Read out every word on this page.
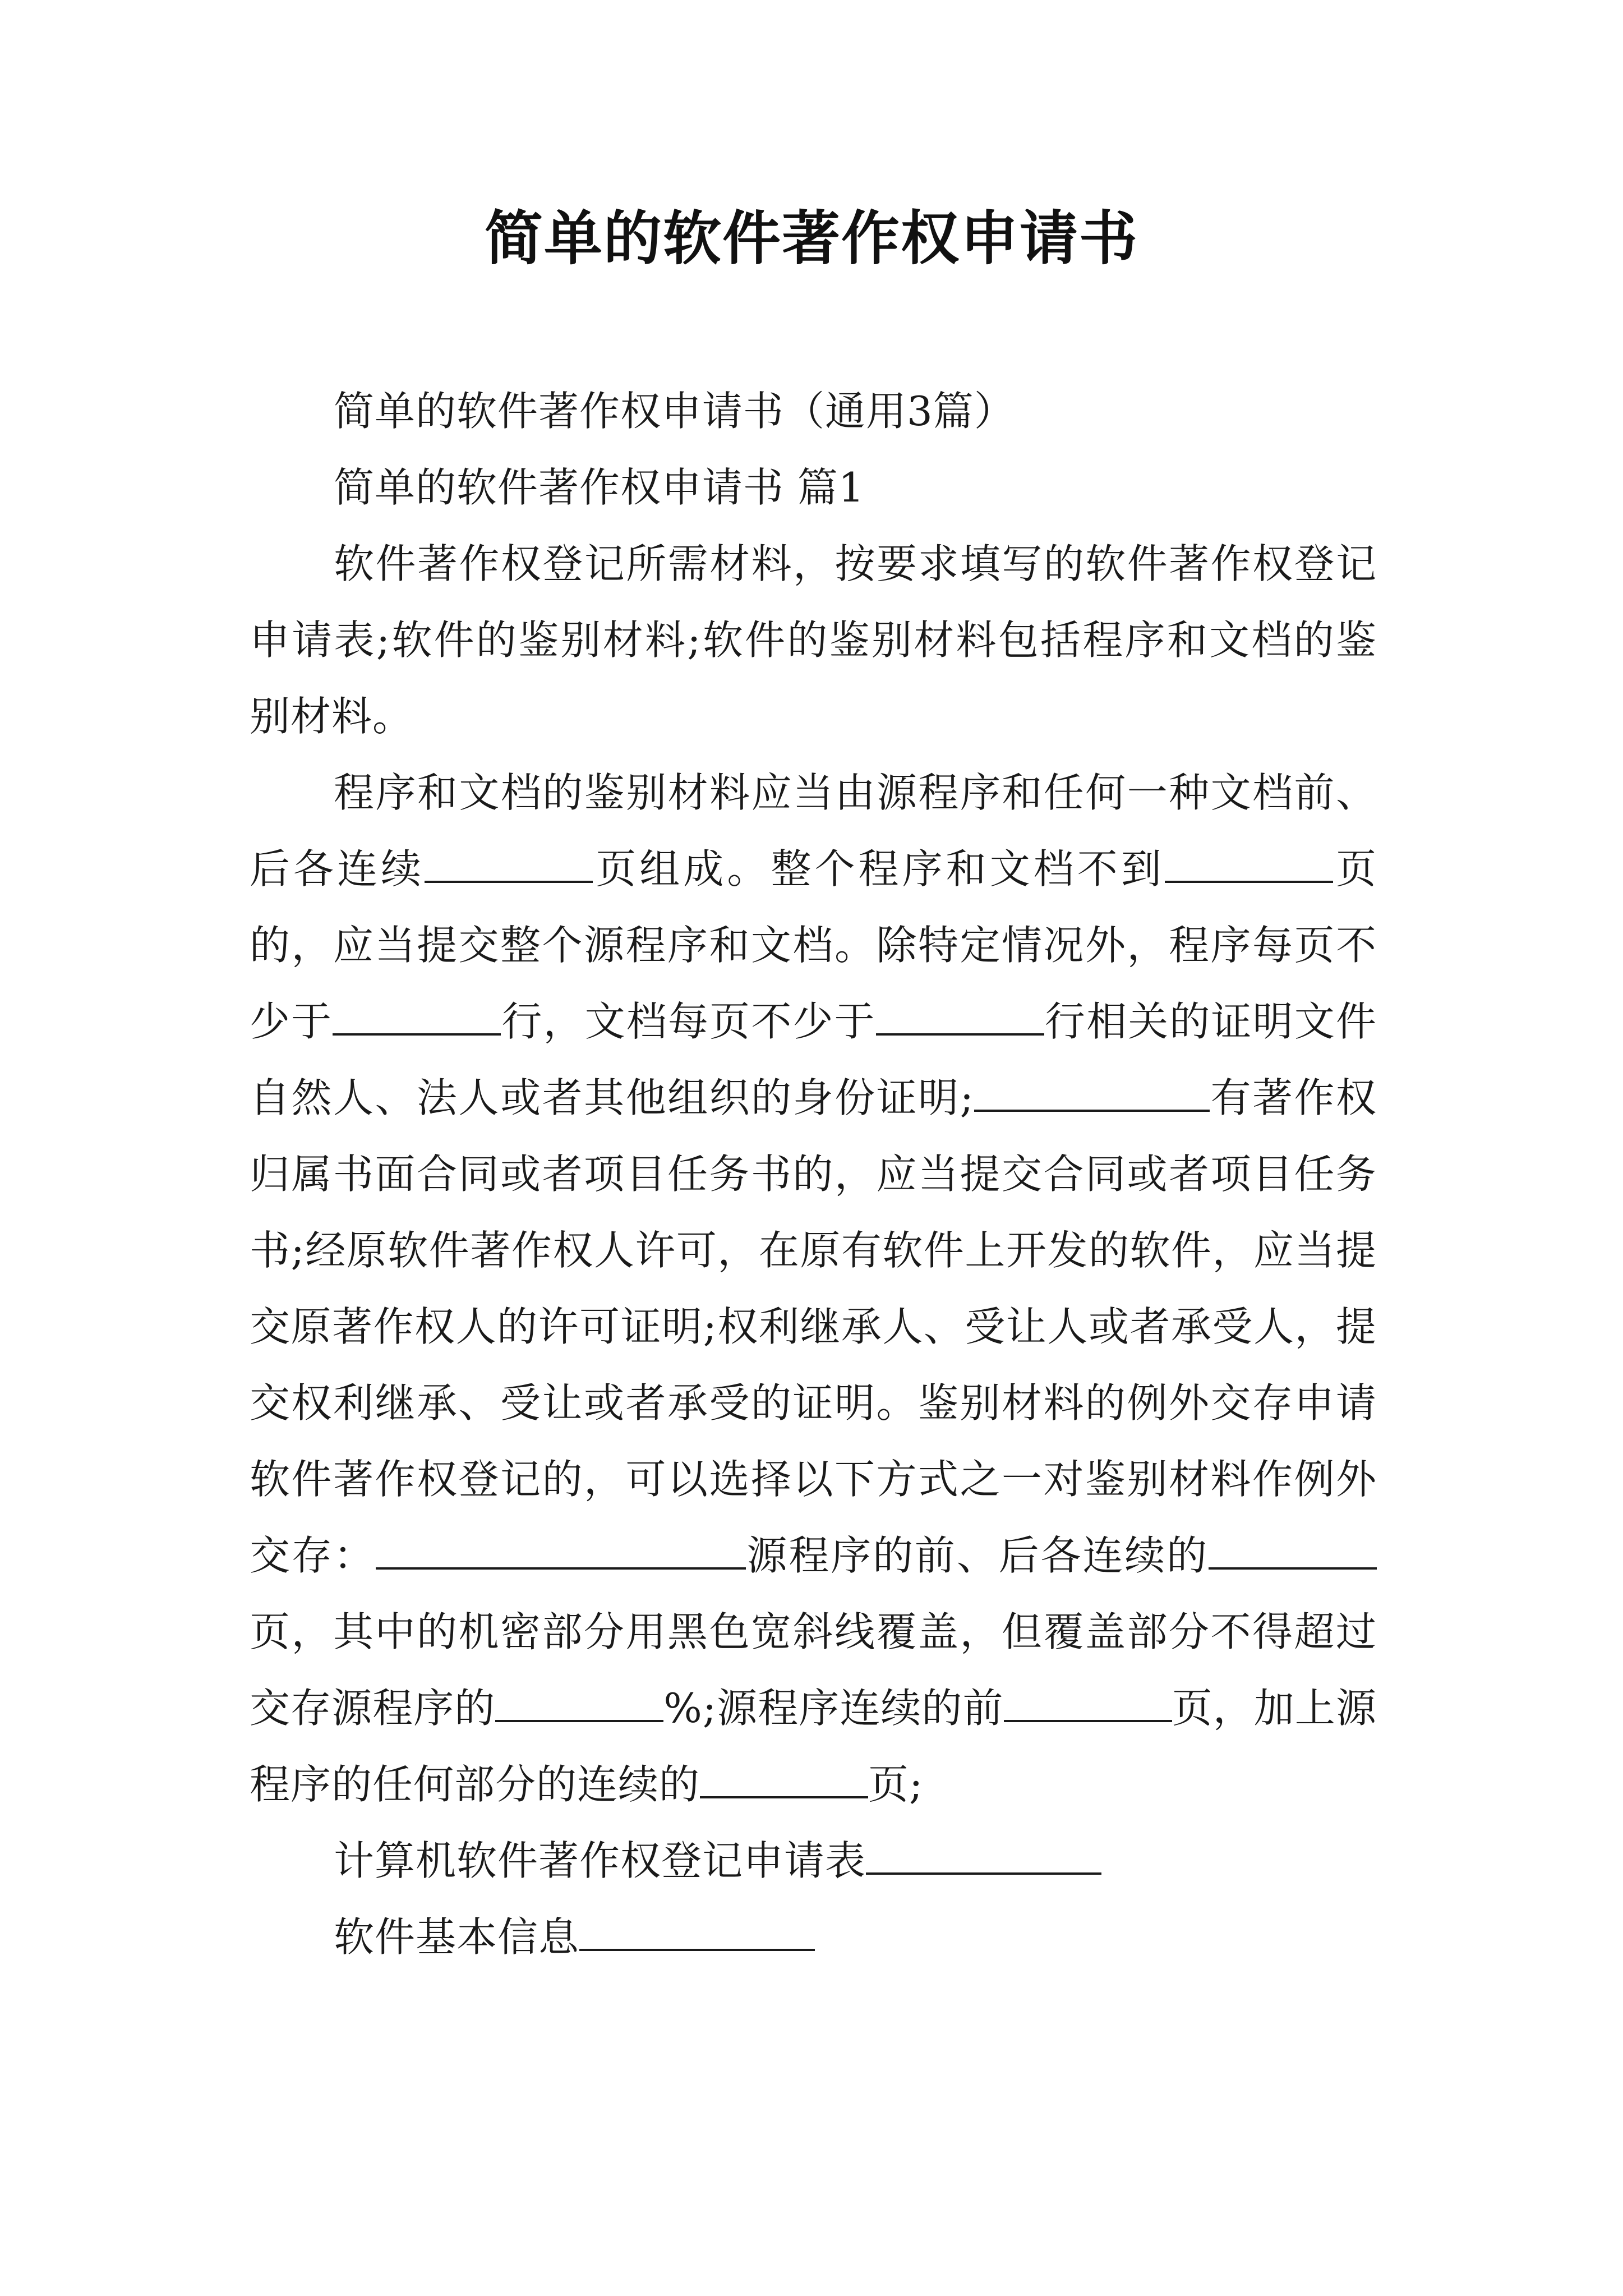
简单的软件著作权申请书

简单的软件著作权申请书（通用3篇）

简单的软件著作权申请书 篇1

软件著作权登记所需材料，按要求填写的软件著作权登记申请表;软件的鉴别材料;软件的鉴别材料包括程序和文档的鉴别材料。

程序和文档的鉴别材料应当由源程序和任何一种文档前、后各连续	页组成。整个程序和文档不到	页的，应当提交整个源程序和文档。除特定情况外，程序每页不少于	行，文档每页不少于	行相关的证明文件自然人、法人或者其他组织的身份证明;	有著作权归属书面合同或者项目任务书的，应当提交合同或者项目任务书;经原软件著作权人许可，在原有软件上开发的软件，应当提交原著作权人的许可证明;权利继承人、受让人或者承受人，提交权利继承、受让或者承受的证明。鉴别材料的例外交存申请软件著作权登记的，可以选择以下方式之一对鉴别材料作例外交存：	源程序的前、后各连续的页，其中的机密部分用黑色宽斜线覆盖，但覆盖部分不得超过交存源程序的	%;源程序连续的前	页，加上源程序的任何部分的连续的	页;

计算机软件著作权登记申请表

软件基本信息
